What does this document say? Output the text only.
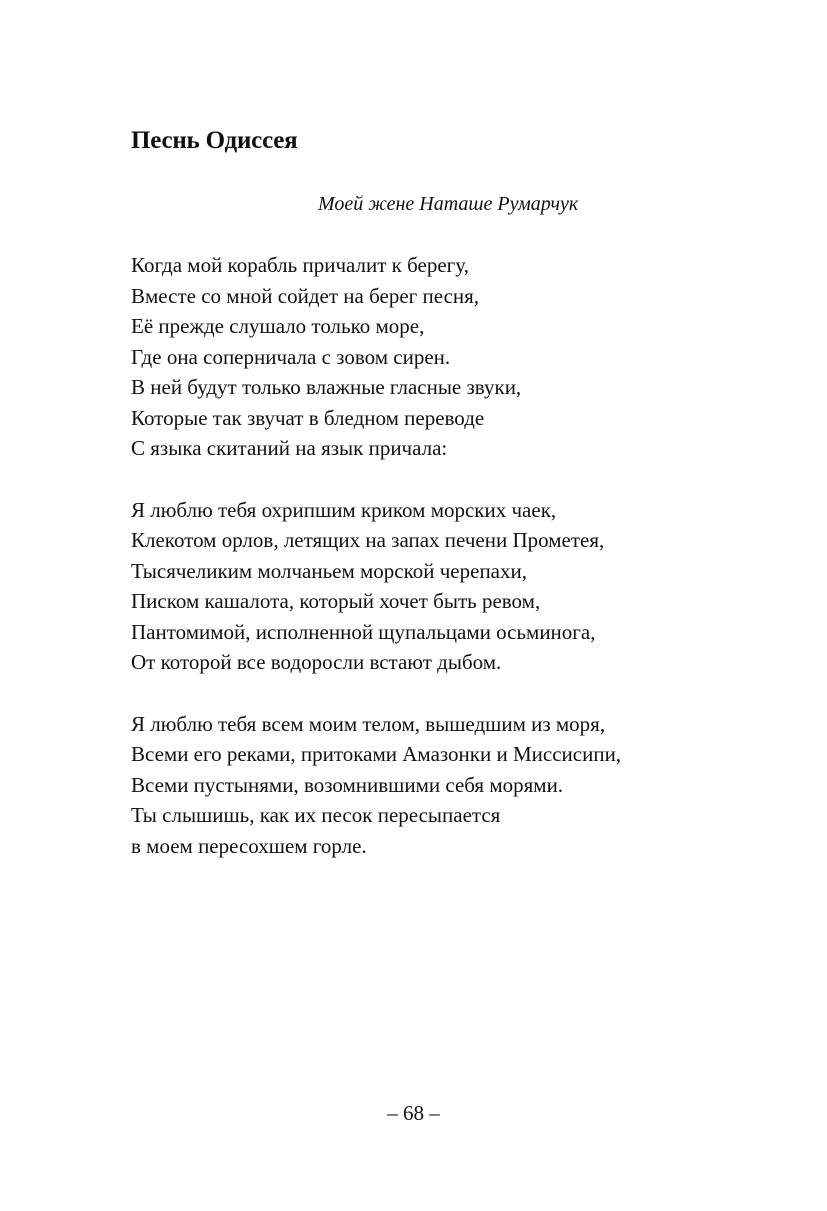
Песнь Одиссея
Моей жене Наташе Румарчук
Когда мой корабль причалит к берегу,
Вместе со мной сойдет на берег песня,
Её прежде слушало только море,
Где она соперничала с зовом сирен.
В ней будут только влажные гласные звуки,
Которые так звучат в бледном переводе
С языка скитаний на язык причала:
Я люблю тебя охрипшим криком морских чаек,
Клекотом орлов, летящих на запах печени Прометея,
Тысячеликим молчаньем морской черепахи,
Писком кашалота, который хочет быть ревом,
Пантомимой, исполненной щупальцами осьминога,
От которой все водоросли встают дыбом.
Я люблю тебя всем моим телом, вышедшим из моря,
Всеми его реками, притоками Амазонки и Миссисипи,
Всеми пустынями, возомнившими себя морями.
Ты слышишь, как их песок пересыпается
в моем пересохшем горле.
– 68 –
